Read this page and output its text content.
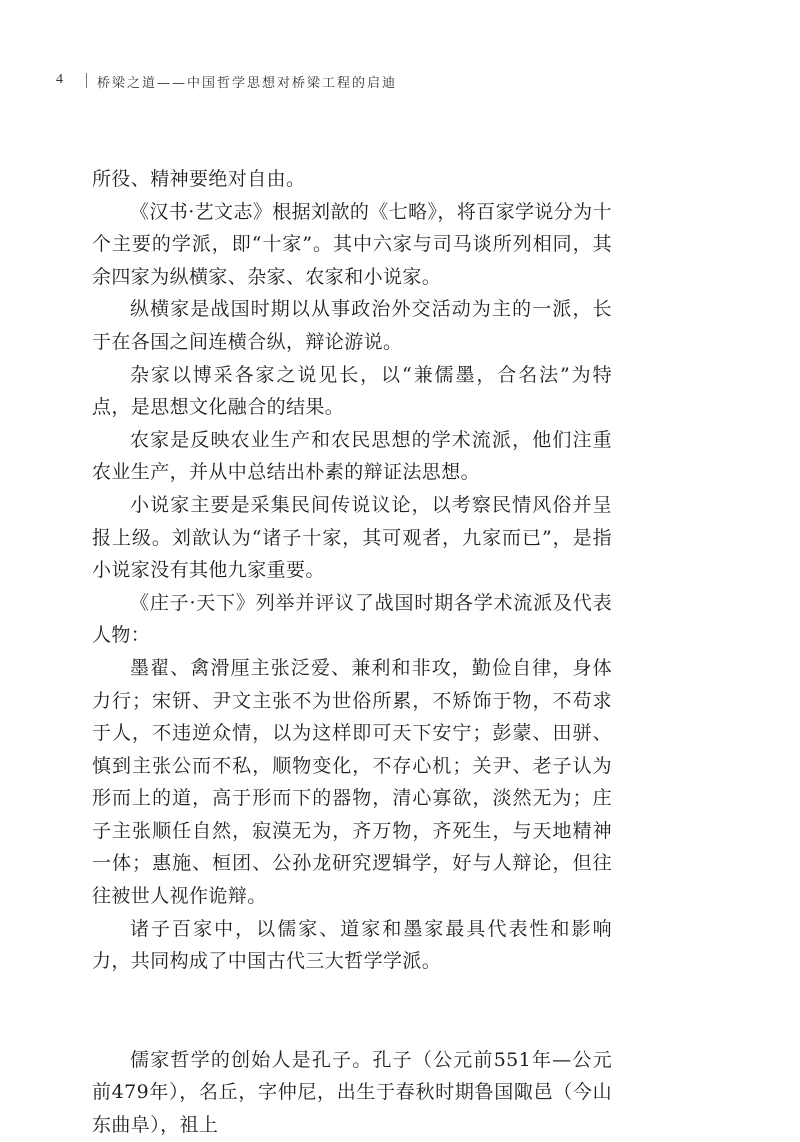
4	桥梁之道——中国哲学思想对桥梁工程的启迪

所役、精神要绝对自由。

《汉书·艺文志》根据刘歆的《七略》，将百家学说分为十个主要的学派，即“十家”。其中六家与司马谈所列相同，其余四家为纵横家、杂家、农家和小说家。

纵横家是战国时期以从事政治外交活动为主的一派，长于在各国之间连横合纵，辩论游说。

杂家以博采各家之说见长，以“兼儒墨，合名法”为特点，是思想文化融合的结果。

农家是反映农业生产和农民思想的学术流派，他们注重农业生产，并从中总结出朴素的辩证法思想。

小说家主要是采集民间传说议论，以考察民情风俗并呈报上级。刘歆认为“诸子十家，其可观者，九家而已”，是指小说家没有其他九家重要。

《庄子·天下》列举并评议了战国时期各学术流派及代表人物：

墨翟、禽滑厘主张泛爱、兼利和非攻，勤俭自律，身体力行；宋钘、尹文主张不为世俗所累，不矫饰于物，不苟求于人，不违逆众情，以为这样即可天下安宁；彭蒙、田骈、慎到主张公而不私，顺物变化，不存心机；关尹、老子认为形而上的道，高于形而下的器物，清心寡欲，淡然无为；庄子主张顺任自然，寂漠无为，齐万物，齐死生，与天地精神一体；惠施、桓团、公孙龙研究逻辑学，好与人辩论，但往往被世人视作诡辩。

诸子百家中，以儒家、道家和墨家最具代表性和影响力，共同构成了中国古代三大哲学学派。

儒家哲学的创始人是孔子。孔子（公元前551年—公元前479年），名丘，字仲尼，出生于春秋时期鲁国陬邑（今山东曲阜），祖上
